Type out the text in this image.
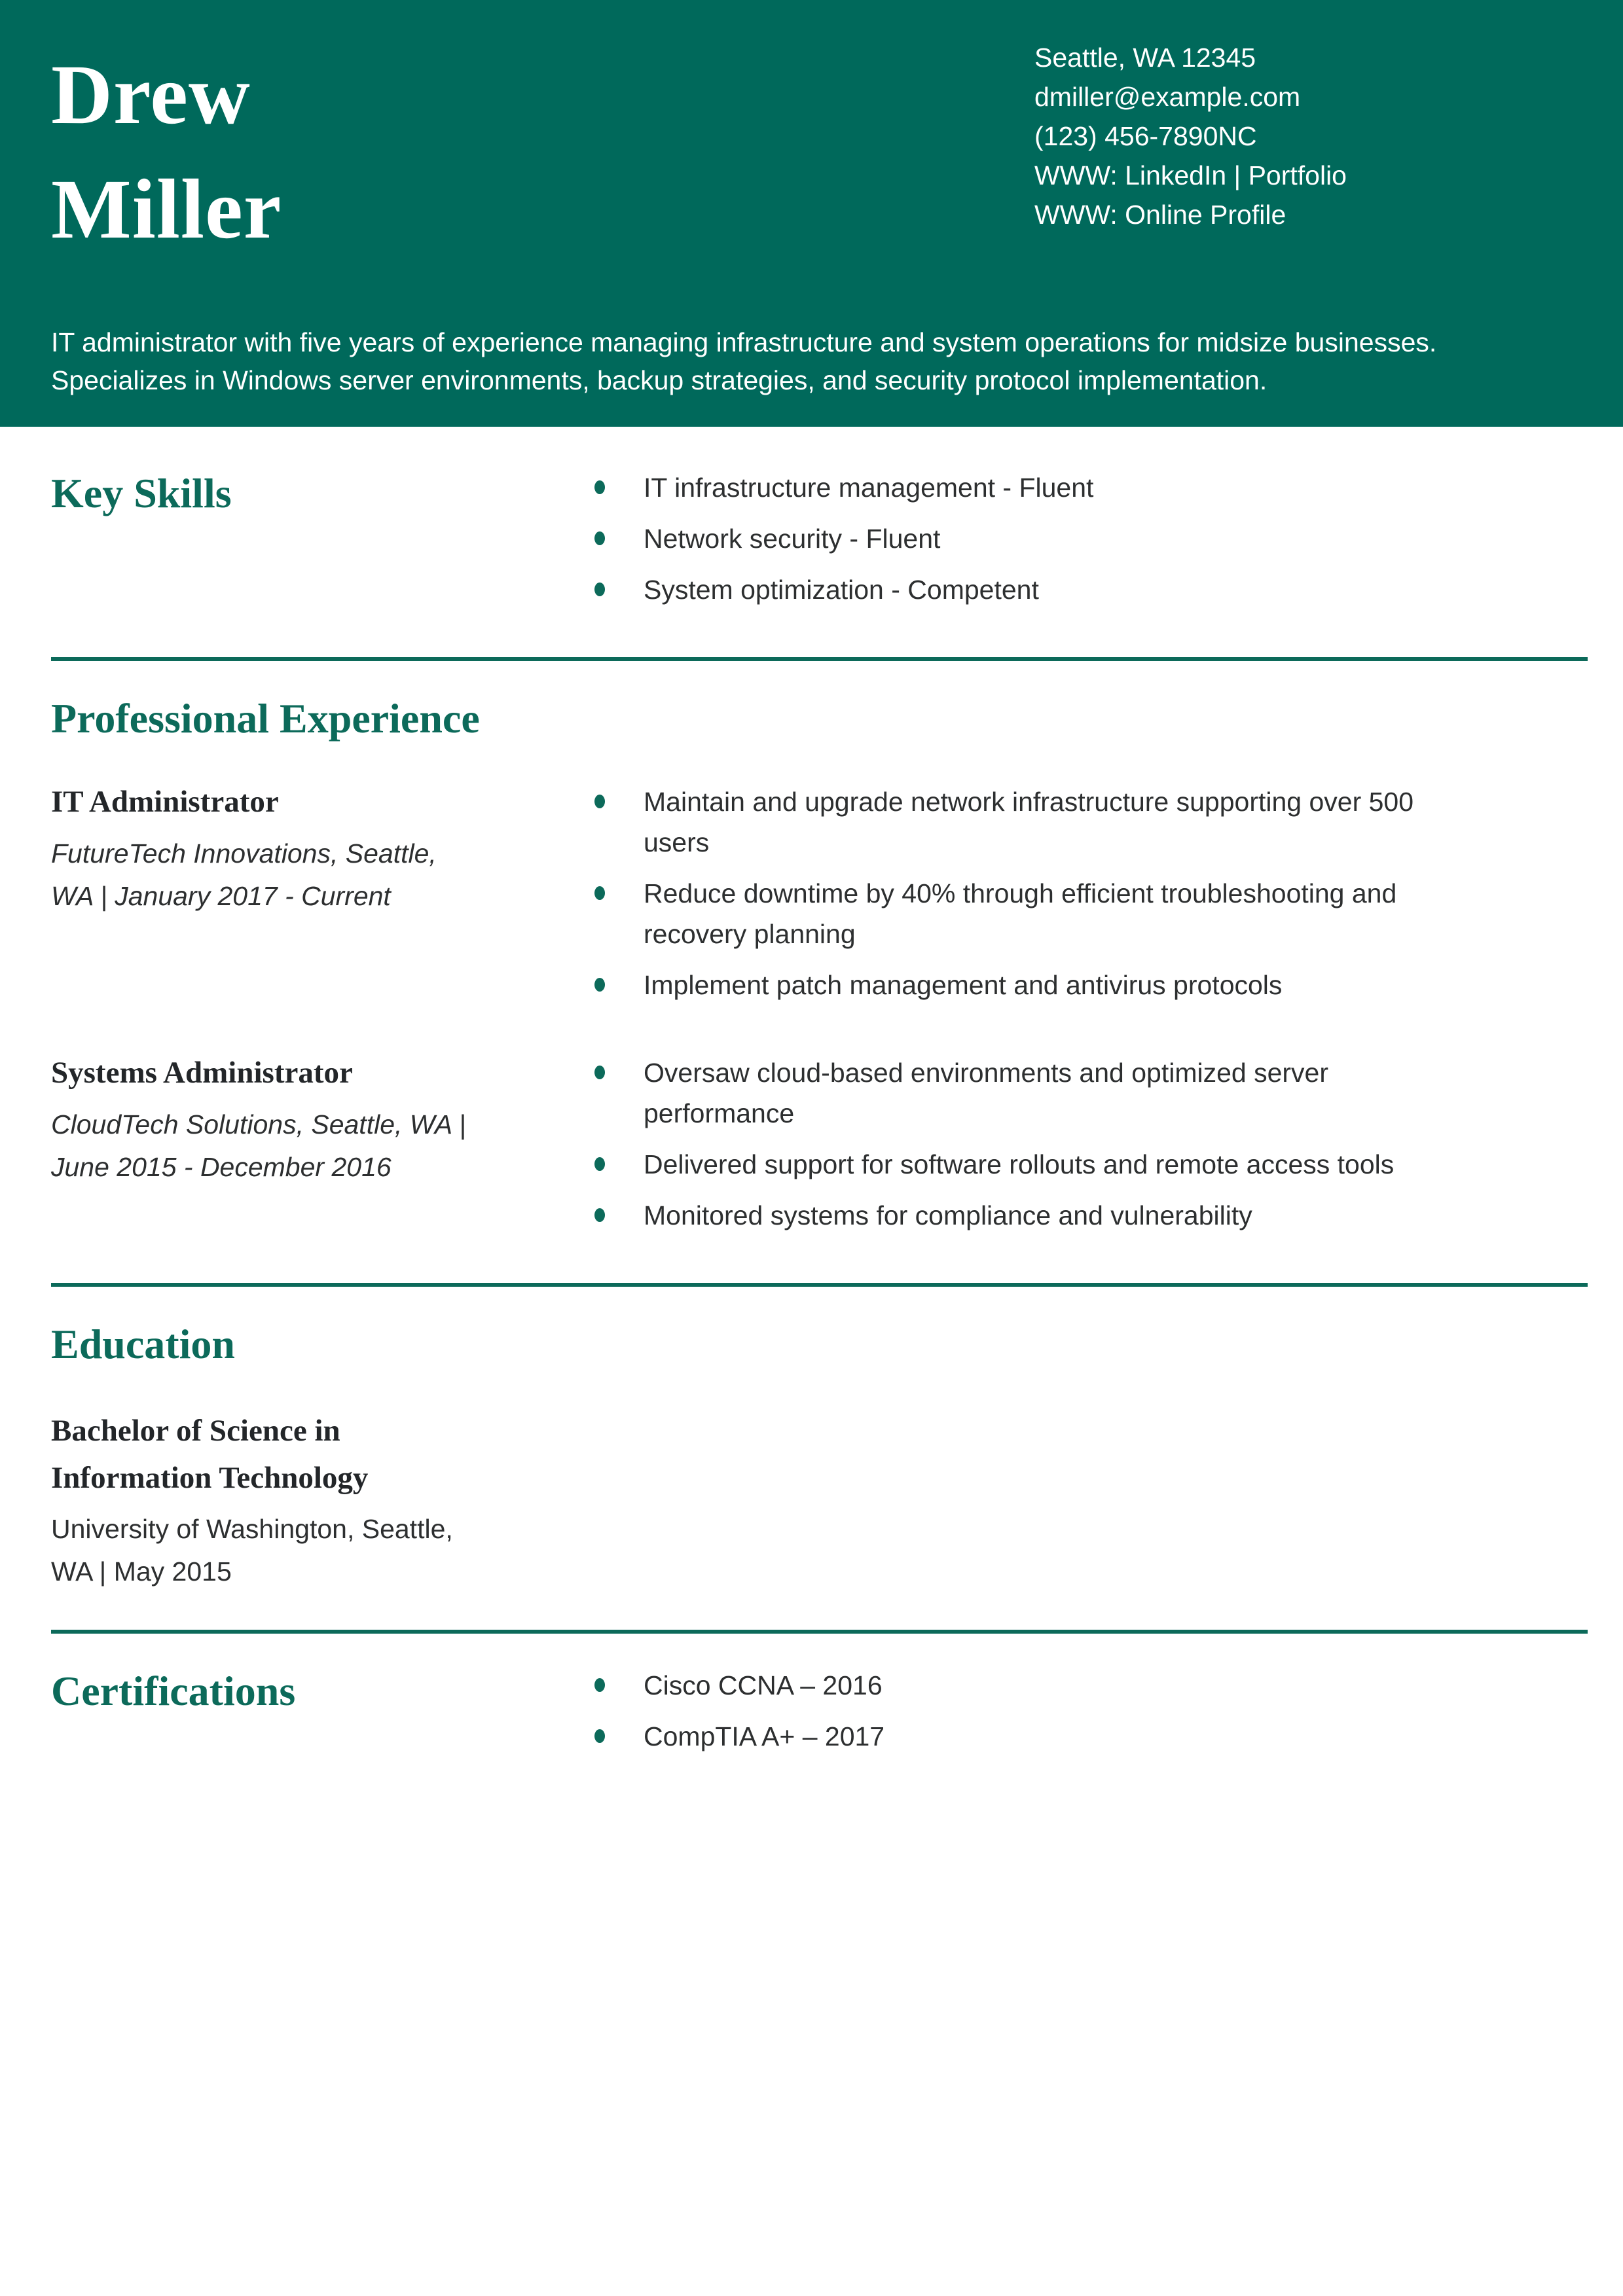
Drew
Miller
Seattle, WA 12345
dmiller@example.com
(123) 456-7890NC
WWW: LinkedIn | Portfolio
WWW: Online Profile

IT administrator with five years of experience managing infrastructure and system operations for midsize businesses. Specializes in Windows server environments, backup strategies, and security protocol implementation.

Key Skills	IT infrastructure management - Fluent
Network security - Fluent
System optimization - Competent
Professional Experience
IT Administrator

FutureTech Innovations, Seattle, WA | January 2017 - Current

Maintain and upgrade network infrastructure supporting over 500 users
Reduce downtime by 40% through efficient troubleshooting and recovery planning
Implement patch management and antivirus protocols
Systems Administrator

CloudTech Solutions, Seattle, WA | June 2015 - December 2016

Oversaw cloud-based environments and optimized server performance
Delivered support for software rollouts and remote access tools
Monitored systems for compliance and vulnerability
Education
Bachelor of Science in Information Technology

University of Washington, Seattle, WA | May 2015

Certifications	Cisco CCNA – 2016
CompTIA A+ – 2017
